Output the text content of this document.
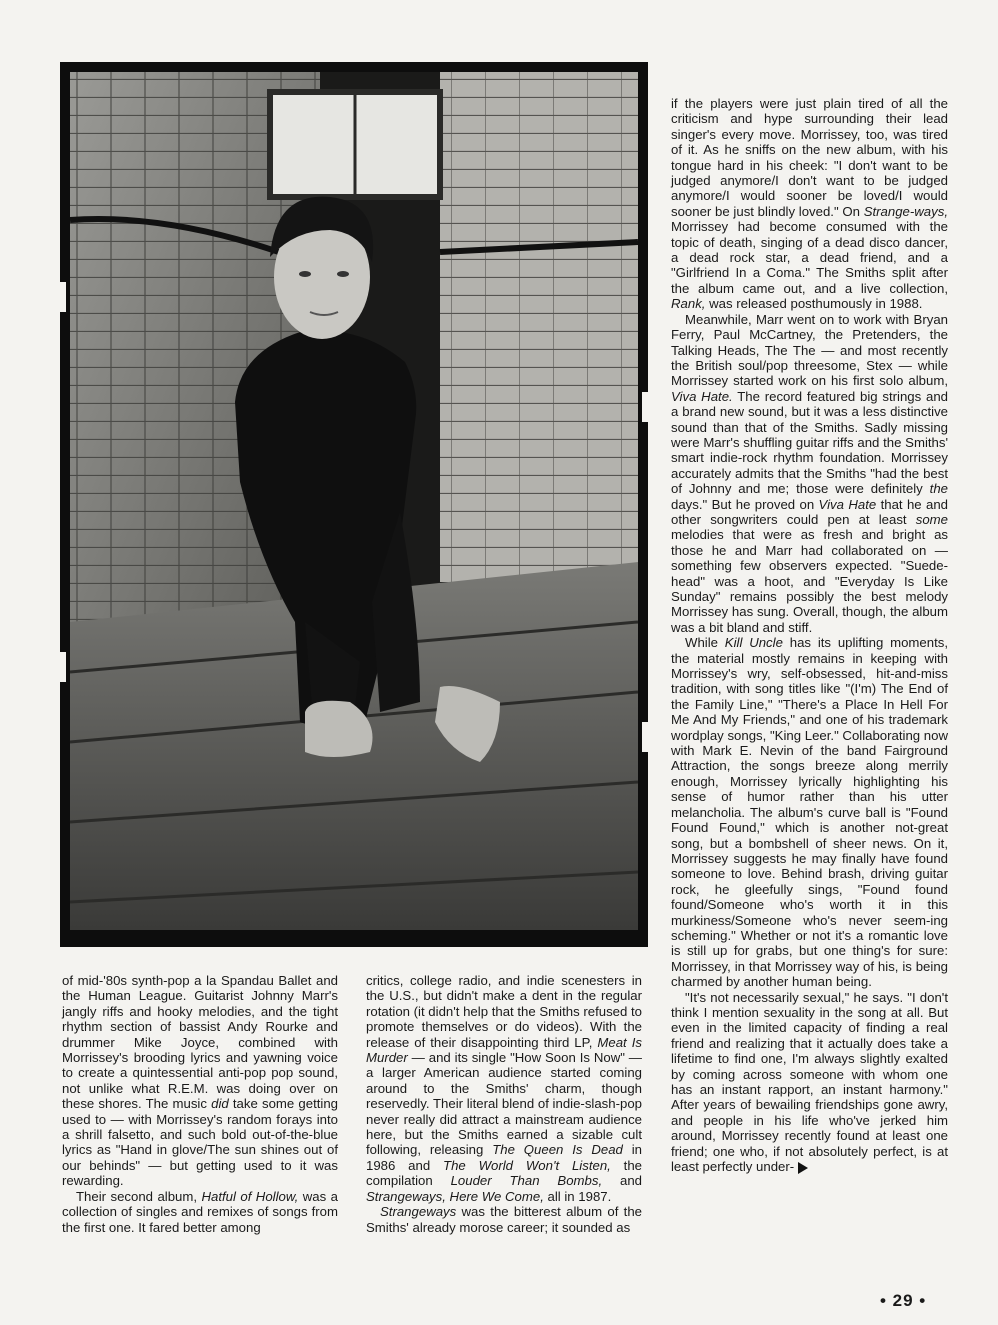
if the players were just plain tired of all the criticism and hype surrounding their lead singer's every move. Morrissey, too, was tired of it. As he sniffs on the new album, with his tongue hard in his cheek: "I don't want to be judged anymore/I don't want to be judged anymore/I would sooner be loved/I would sooner be just blindly loved." On Strange-ways, Morrissey had become consumed with the topic of death, singing of a dead disco dancer, a dead rock star, a dead friend, and a "Girlfriend In a Coma." The Smiths split after the album came out, and a live collection, Rank, was released posthumously in 1988.

Meanwhile, Marr went on to work with Bryan Ferry, Paul McCartney, the Pretenders, the Talking Heads, The The — and most recently the British soul/pop threesome, Stex — while Morrissey started work on his first solo album, Viva Hate. The record featured big strings and a brand new sound, but it was a less distinctive sound than that of the Smiths. Sadly missing were Marr's shuffling guitar riffs and the Smiths' smart indie-rock rhythm foundation. Morrissey accurately admits that the Smiths "had the best of Johnny and me; those were definitely the days." But he proved on Viva Hate that he and other songwriters could pen at least some melodies that were as fresh and bright as those he and Marr had collaborated on — something few observers expected. "Suede-head" was a hoot, and "Everyday Is Like Sunday" remains possibly the best melody Morrissey has sung. Overall, though, the album was a bit bland and stiff.

While Kill Uncle has its uplifting moments, the material mostly remains in keeping with Morrissey's wry, self-obsessed, hit-and-miss tradition, with song titles like "(I'm) The End of the Family Line," "There's a Place In Hell For Me And My Friends," and one of his trademark wordplay songs, "King Leer." Collaborating now with Mark E. Nevin of the band Fairground Attraction, the songs breeze along merrily enough, Morrissey lyrically highlighting his sense of humor rather than his utter melancholia. The album's curve ball is "Found Found Found," which is another not-great song, but a bombshell of sheer news. On it, Morrissey suggests he may finally have found someone to love. Behind brash, driving guitar rock, he gleefully sings, "Found found found/Someone who's worth it in this murkiness/Someone who's never seem-ing scheming." Whether or not it's a romantic love is still up for grabs, but one thing's for sure: Morrissey, in that Morrissey way of his, is being charmed by another human being.

"It's not necessarily sexual," he says. "I don't think I mention sexuality in the song at all. But even in the limited capacity of finding a real friend and realizing that it actually does take a lifetime to find one, I'm always slightly exalted by coming across someone with whom one has an instant rapport, an instant harmony." After years of bewailing friendships gone awry, and people in his life who've jerked him around, Morrissey recently found at least one friend; one who, if not absolutely perfect, is at least perfectly under-

of mid-'80s synth-pop a la Spandau Ballet and the Human League. Guitarist Johnny Marr's jangly riffs and hooky melodies, and the tight rhythm section of bassist Andy Rourke and drummer Mike Joyce, combined with Morrissey's brooding lyrics and yawning voice to create a quintessential anti-pop pop sound, not unlike what R.E.M. was doing over on these shores. The music did take some getting used to — with Morrissey's random forays into a shrill falsetto, and such bold out-of-the-blue lyrics as "Hand in glove/The sun shines out of our behinds" — but getting used to it was rewarding.

Their second album, Hatful of Hollow, was a collection of singles and remixes of songs from the first one. It fared better among

critics, college radio, and indie scenesters in the U.S., but didn't make a dent in the regular rotation (it didn't help that the Smiths refused to promote themselves or do videos). With the release of their disappointing third LP, Meat Is Murder — and its single "How Soon Is Now" — a larger American audience started coming around to the Smiths' charm, though reservedly. Their literal blend of indie-slash-pop never really did attract a mainstream audience here, but the Smiths earned a sizable cult following, releasing The Queen Is Dead in 1986 and The World Won't Listen, the compilation Louder Than Bombs, and Strangeways, Here We Come, all in 1987.

Strangeways was the bitterest album of the Smiths' already morose career; it sounded as

• 29 •
